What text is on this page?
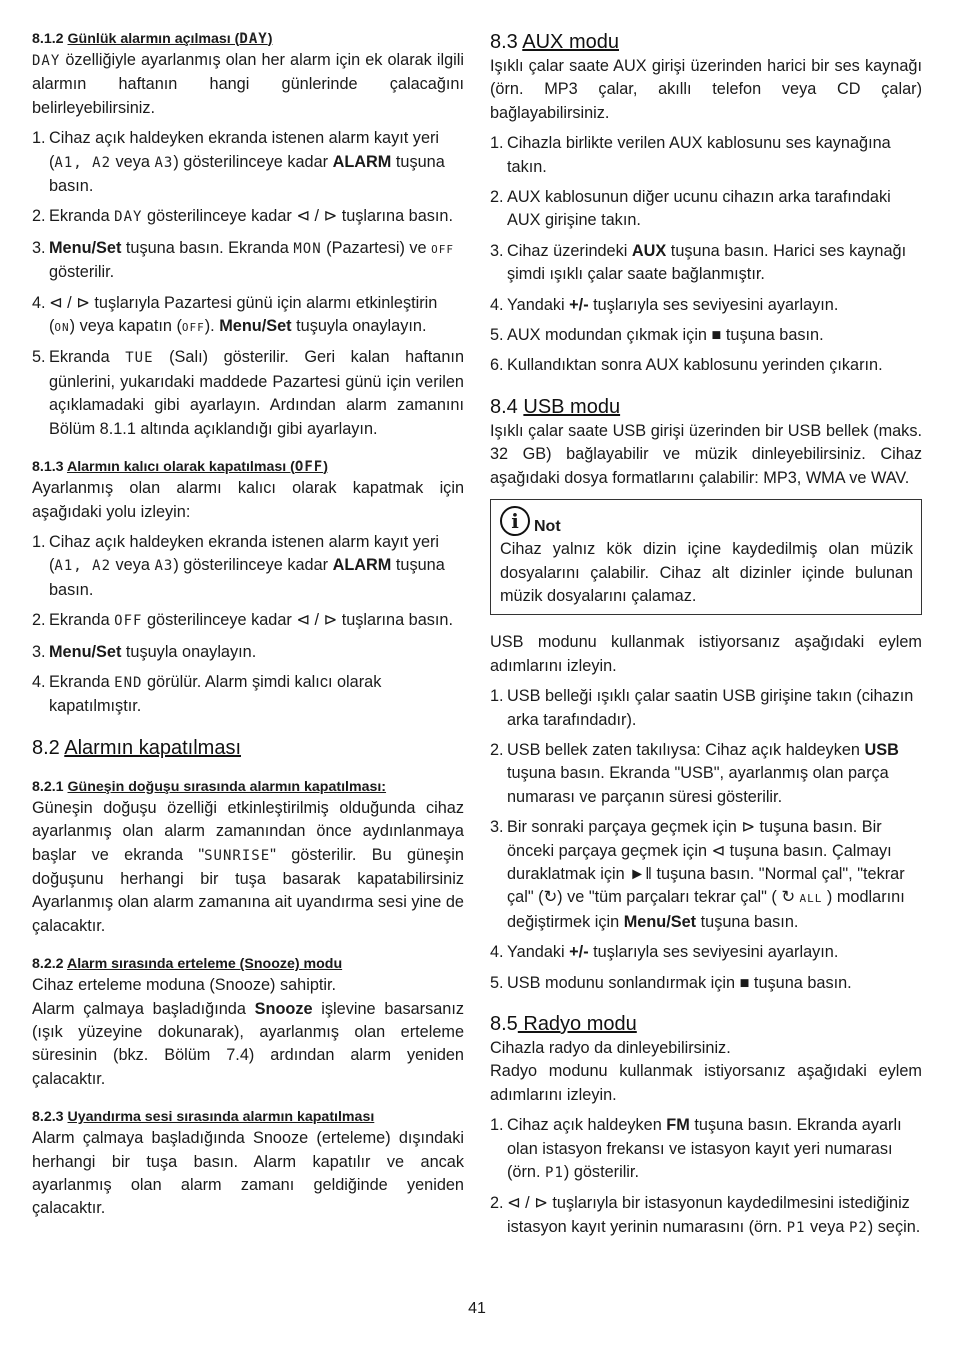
8.1.2 Günlük alarmın açılması (DAY)

DAY özelliğiyle ayarlanmış olan her alarm için ek olarak ilgili alarmın haftanın hangi günlerinde çalacağını belirleyebilirsiniz.

1. Cihaz açık haldeyken ekranda istenen alarm kayıt yeri (A1, A2 veya A3) gösterilinceye kadar ALARM tuşuna basın.
2. Ekranda DAY gösterilinceye kadar ⊲ / ⊳ tuşlarına basın.
3. Menu/Set tuşuna basın. Ekranda MON (Pazartesi) ve OFF gösterilir.
4. ⊲ / ⊳ tuşlarıyla Pazartesi günü için alarmı etkinleştirin (ON) veya kapatın (OFF). Menu/Set tuşuyla onaylayın.
5. Ekranda TUE (Salı) gösterilir. Geri kalan haftanın günlerini, yukarıdaki maddede Pazartesi günü için verilen açıklamadaki gibi ayarlayın. Ardından alarm zamanını Bölüm 8.1.1 altında açıklandığı gibi ayarlayın.
8.1.3 Alarmın kalıcı olarak kapatılması (OFF)

Ayarlanmış olan alarmı kalıcı olarak kapatmak için aşağıdaki yolu izleyin:

1. Cihaz açık haldeyken ekranda istenen alarm kayıt yeri (A1, A2 veya A3) gösterilinceye kadar ALARM tuşuna basın.
2. Ekranda OFF gösterilinceye kadar ⊲ / ⊳ tuşlarına basın.
3. Menu/Set tuşuyla onaylayın.
4. Ekranda END görülür. Alarm şimdi kalıcı olarak kapatılmıştır.
8.2 Alarmın kapatılması
8.2.1 Güneşin doğuşu sırasında alarmın kapatılması:

Güneşin doğuşu özelliği etkinleştirilmiş olduğunda cihaz ayarlanmış olan alarm zamanından önce aydınlanmaya başlar ve ekranda "SUNRISE" gösterilir. Bu güneşin doğuşunu herhangi bir tuşa basarak kapatabilirsiniz Ayarlanmış olan alarm zamanına ait uyandırma sesi yine de çalacaktır.

8.2.2 Alarm sırasında erteleme (Snooze) modu

Cihaz erteleme moduna (Snooze) sahiptir.

Alarm çalmaya başladığında Snooze işlevine basarsanız (ışık yüzeyine dokunarak), ayarlanmış olan erteleme süresinin (bkz. Bölüm 7.4) ardından alarm yeniden çalacaktır.

8.2.3 Uyandırma sesi sırasında alarmın kapatılması

Alarm çalmaya başladığında Snooze (erteleme) dışındaki herhangi bir tuşa basın. Alarm kapatılır ve ancak ayarlanmış olan alarm zamanı geldiğinde yeniden çalacaktır.

8.3 AUX modu

Işıklı çalar saate AUX girişi üzerinden harici bir ses kaynağı (örn. MP3 çalar, akıllı telefon veya CD çalar) bağlayabilirsiniz.

1. Cihazla birlikte verilen AUX kablosunu ses kaynağına takın.
2. AUX kablosunun diğer ucunu cihazın arka tarafındaki AUX girişine takın.
3. Cihaz üzerindeki AUX tuşuna basın. Harici ses kaynağı şimdi ışıklı çalar saate bağlanmıştır.
4. Yandaki +/- tuşlarıyla ses seviyesini ayarlayın.
5. AUX modundan çıkmak için ■ tuşuna basın.
6. Kullandıktan sonra AUX kablosunu yerinden çıkarın.
8.4 USB modu

Işıklı çalar saate USB girişi üzerinden bir USB bellek (maks. 32 GB) bağlayabilir ve müzik dinleyebilirsiniz. Cihaz aşağıdaki dosya formatlarını çalabilir: MP3, WMA ve WAV.

i Not

Cihaz yalnız kök dizin içine kaydedilmiş olan müzik dosyalarını çalabilir. Cihaz alt dizinler içinde bulunan müzik dosyalarını çalamaz.

USB modunu kullanmak istiyorsanız aşağıdaki eylem adımlarını izleyin.

1. USB belleği ışıklı çalar saatin USB girişine takın (cihazın arka tarafındadır).
2. USB bellek zaten takılıysa: Cihaz açık haldeyken USB tuşuna basın. Ekranda "USB", ayarlanmış olan parça numarası ve parçanın süresi gösterilir.
3. Bir sonraki parçaya geçmek için ⊳ tuşuna basın. Bir önceki parçaya geçmek için ⊲ tuşuna basın. Çalmayı duraklatmak için ►‖ tuşuna basın. "Normal çal", "tekrar çal" (↻) ve "tüm parçaları tekrar çal" ( ↻ ALL ) modlarını değiştirmek için Menu/Set tuşuna basın.
4. Yandaki +/- tuşlarıyla ses seviyesini ayarlayın.
5. USB modunu sonlandırmak için ■ tuşuna basın.
8.5 Radyo modu

Cihazla radyo da dinleyebilirsiniz.

Radyo modunu kullanmak istiyorsanız aşağıdaki eylem adımlarını izleyin.

1. Cihaz açık haldeyken FM tuşuna basın. Ekranda ayarlı olan istasyon frekansı ve istasyon kayıt yeri numarası (örn. P1) gösterilir.
2. ⊲ / ⊳ tuşlarıyla bir istasyonun kaydedilmesini istediğiniz istasyon kayıt yerinin numarasını (örn. P1 veya P2) seçin.
41
